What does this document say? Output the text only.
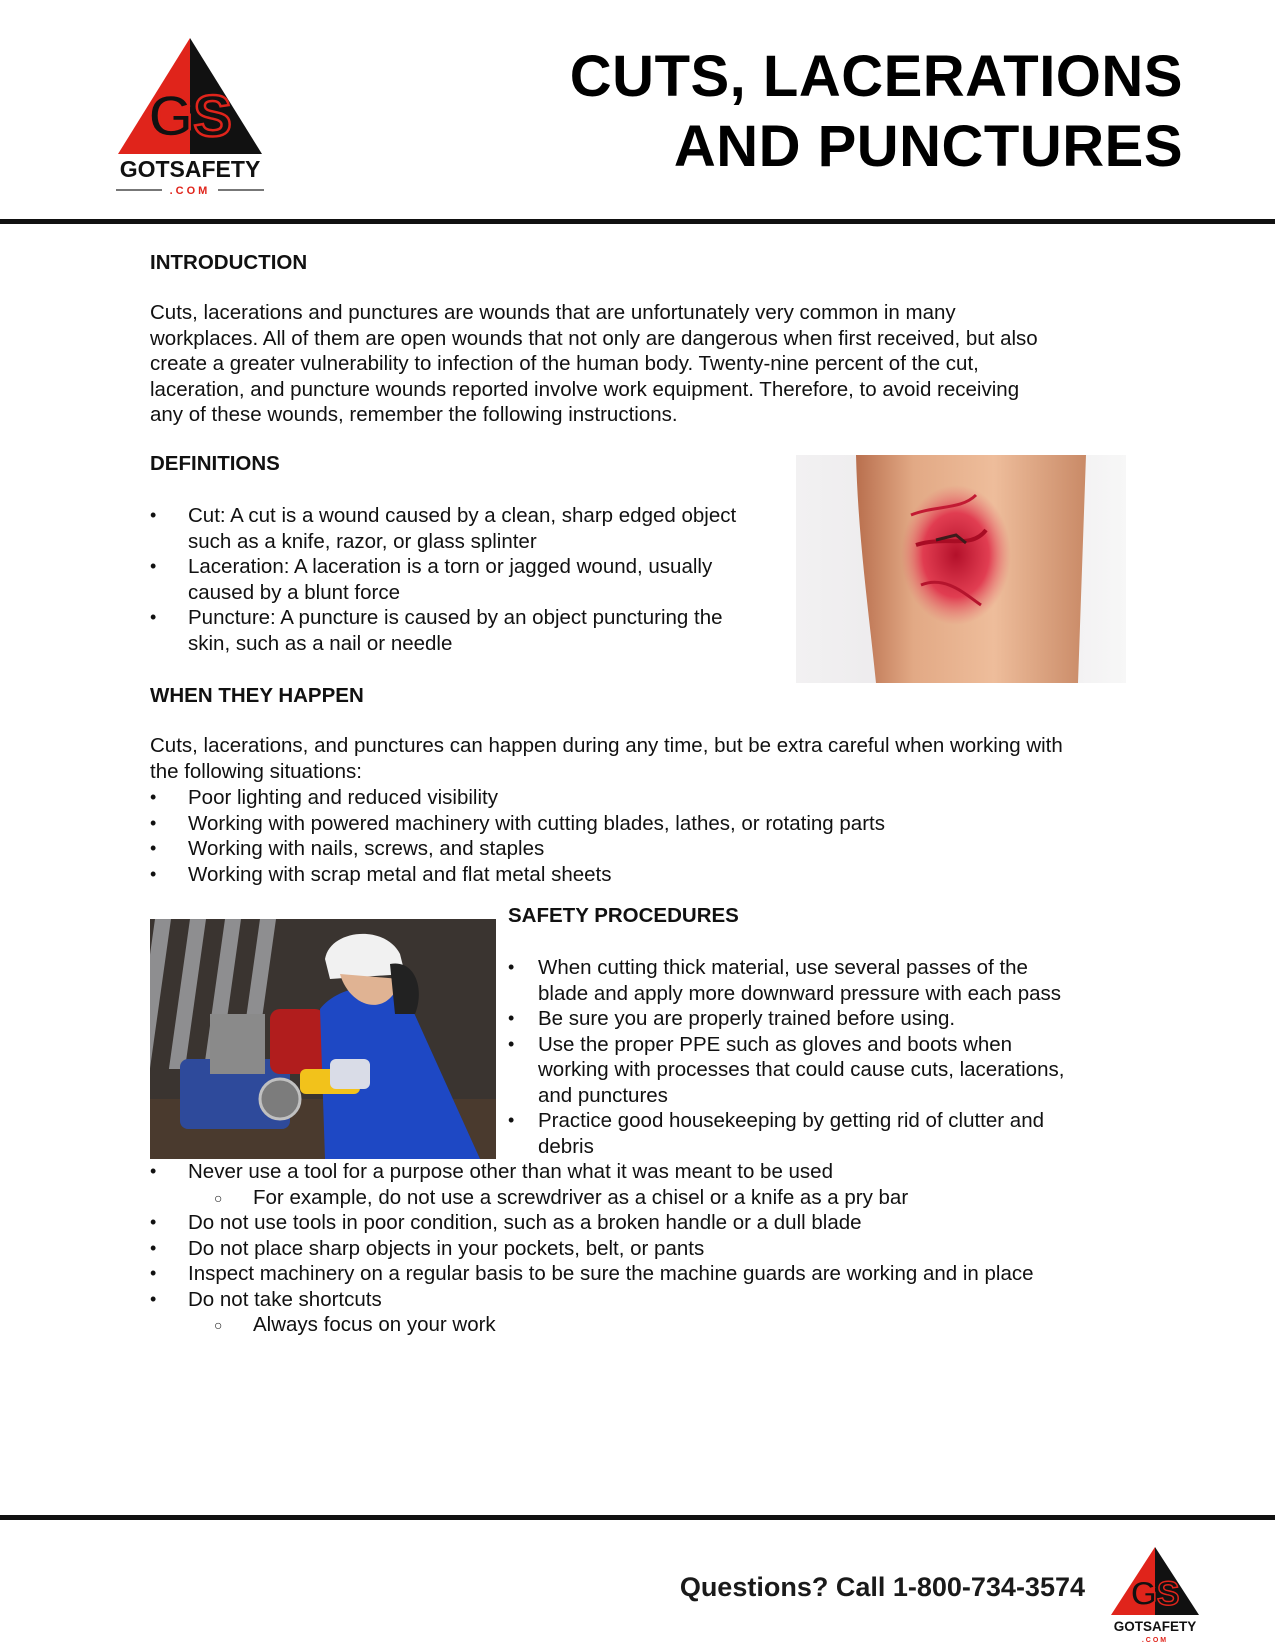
GS
GOTSAFETY
.COM
CUTS, LACERATIONS
AND PUNCTURES
INTRODUCTION
Cuts, lacerations and punctures are wounds that are unfortunately very common in many
workplaces. All of them are open wounds that not only are dangerous when first received, but also
create a greater vulnerability to infection of the human body. Twenty-nine percent of the cut,
laceration, and puncture wounds reported involve work equipment. Therefore, to avoid receiving
any of these wounds, remember the following instructions.
DEFINITIONS
• Cut: A cut is a wound caused by a clean, sharp edged object
such as a knife, razor, or glass splinter
• Laceration: A laceration is a torn or jagged wound, usually
caused by a blunt force
• Puncture: A puncture is caused by an object puncturing the
skin, such as a nail or needle
WHEN THEY HAPPEN
Cuts, lacerations, and punctures can happen during any time, but be extra careful when working with
the following situations:
• Poor lighting and reduced visibility
• Working with powered machinery with cutting blades, lathes, or rotating parts
• Working with nails, screws, and staples
• Working with scrap metal and flat metal sheets
SAFETY PROCEDURES
• When cutting thick material, use several passes of the
blade and apply more downward pressure with each pass
• Be sure you are properly trained before using.
• Use the proper PPE such as gloves and boots when
working with processes that could cause cuts, lacerations,
and punctures
• Practice good housekeeping by getting rid of clutter and
debris
• Never use a tool for a purpose other than what it was meant to be used
○ For example, do not use a screwdriver as a chisel or a knife as a pry bar
• Do not use tools in poor condition, such as a broken handle or a dull blade
• Do not place sharp objects in your pockets, belt, or pants
• Inspect machinery on a regular basis to be sure the machine guards are working and in place
• Do not take shortcuts
○ Always focus on your work
Questions? Call 1-800-734-3574 GS
GOTSAFETY
.COM
